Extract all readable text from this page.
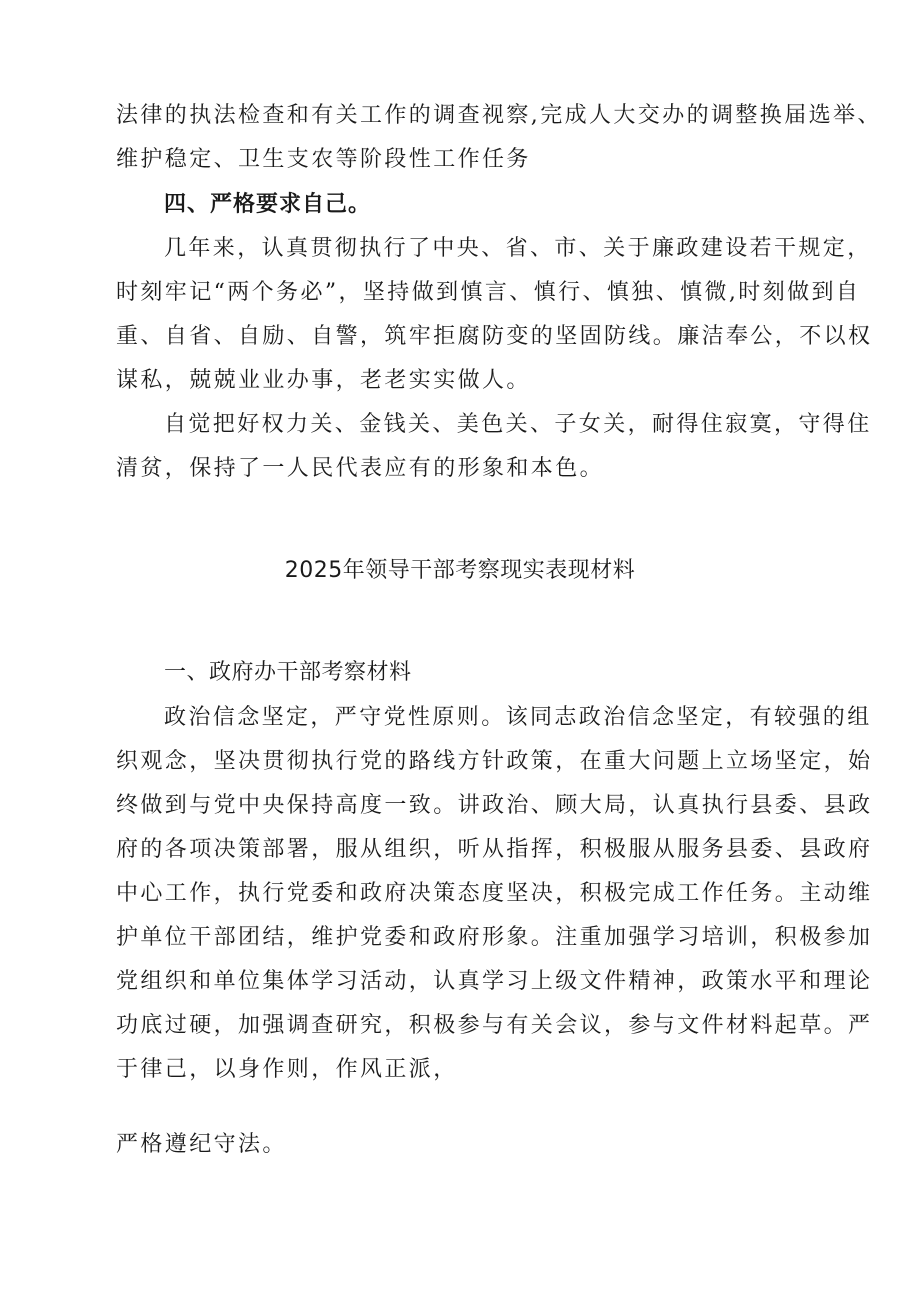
法律的执法检查和有关工作的调查视察,完成人大交办的调整换届选举、
维护稳定、卫生支农等阶段性工作任务
四、严格要求自己。
几年来，认真贯彻执行了中央、省、市、关于廉政建设若干规定，
时刻牢记“两个务必”，坚持做到慎言、慎行、慎独、慎微,时刻做到自
重、自省、自励、自警，筑牢拒腐防变的坚固防线。廉洁奉公，不以权
谋私，兢兢业业办事，老老实实做人。
自觉把好权力关、金钱关、美色关、子女关，耐得住寂寞，守得住
清贫，保持了一人民代表应有的形象和本色。
2025年领导干部考察现实表现材料
一、政府办干部考察材料
政治信念坚定，严守党性原则。该同志政治信念坚定，有较强的组
织观念，坚决贯彻执行党的路线方针政策，在重大问题上立场坚定，始
终做到与党中央保持高度一致。讲政治、顾大局，认真执行县委、县政
府的各项决策部署，服从组织，听从指挥，积极服从服务县委、县政府
中心工作，执行党委和政府决策态度坚决，积极完成工作任务。主动维
护单位干部团结，维护党委和政府形象。注重加强学习培训，积极参加
党组织和单位集体学习活动，认真学习上级文件精神，政策水平和理论
功底过硬，加强调查研究，积极参与有关会议，参与文件材料起草。严
于律己，以身作则，作风正派，
严格遵纪守法。
